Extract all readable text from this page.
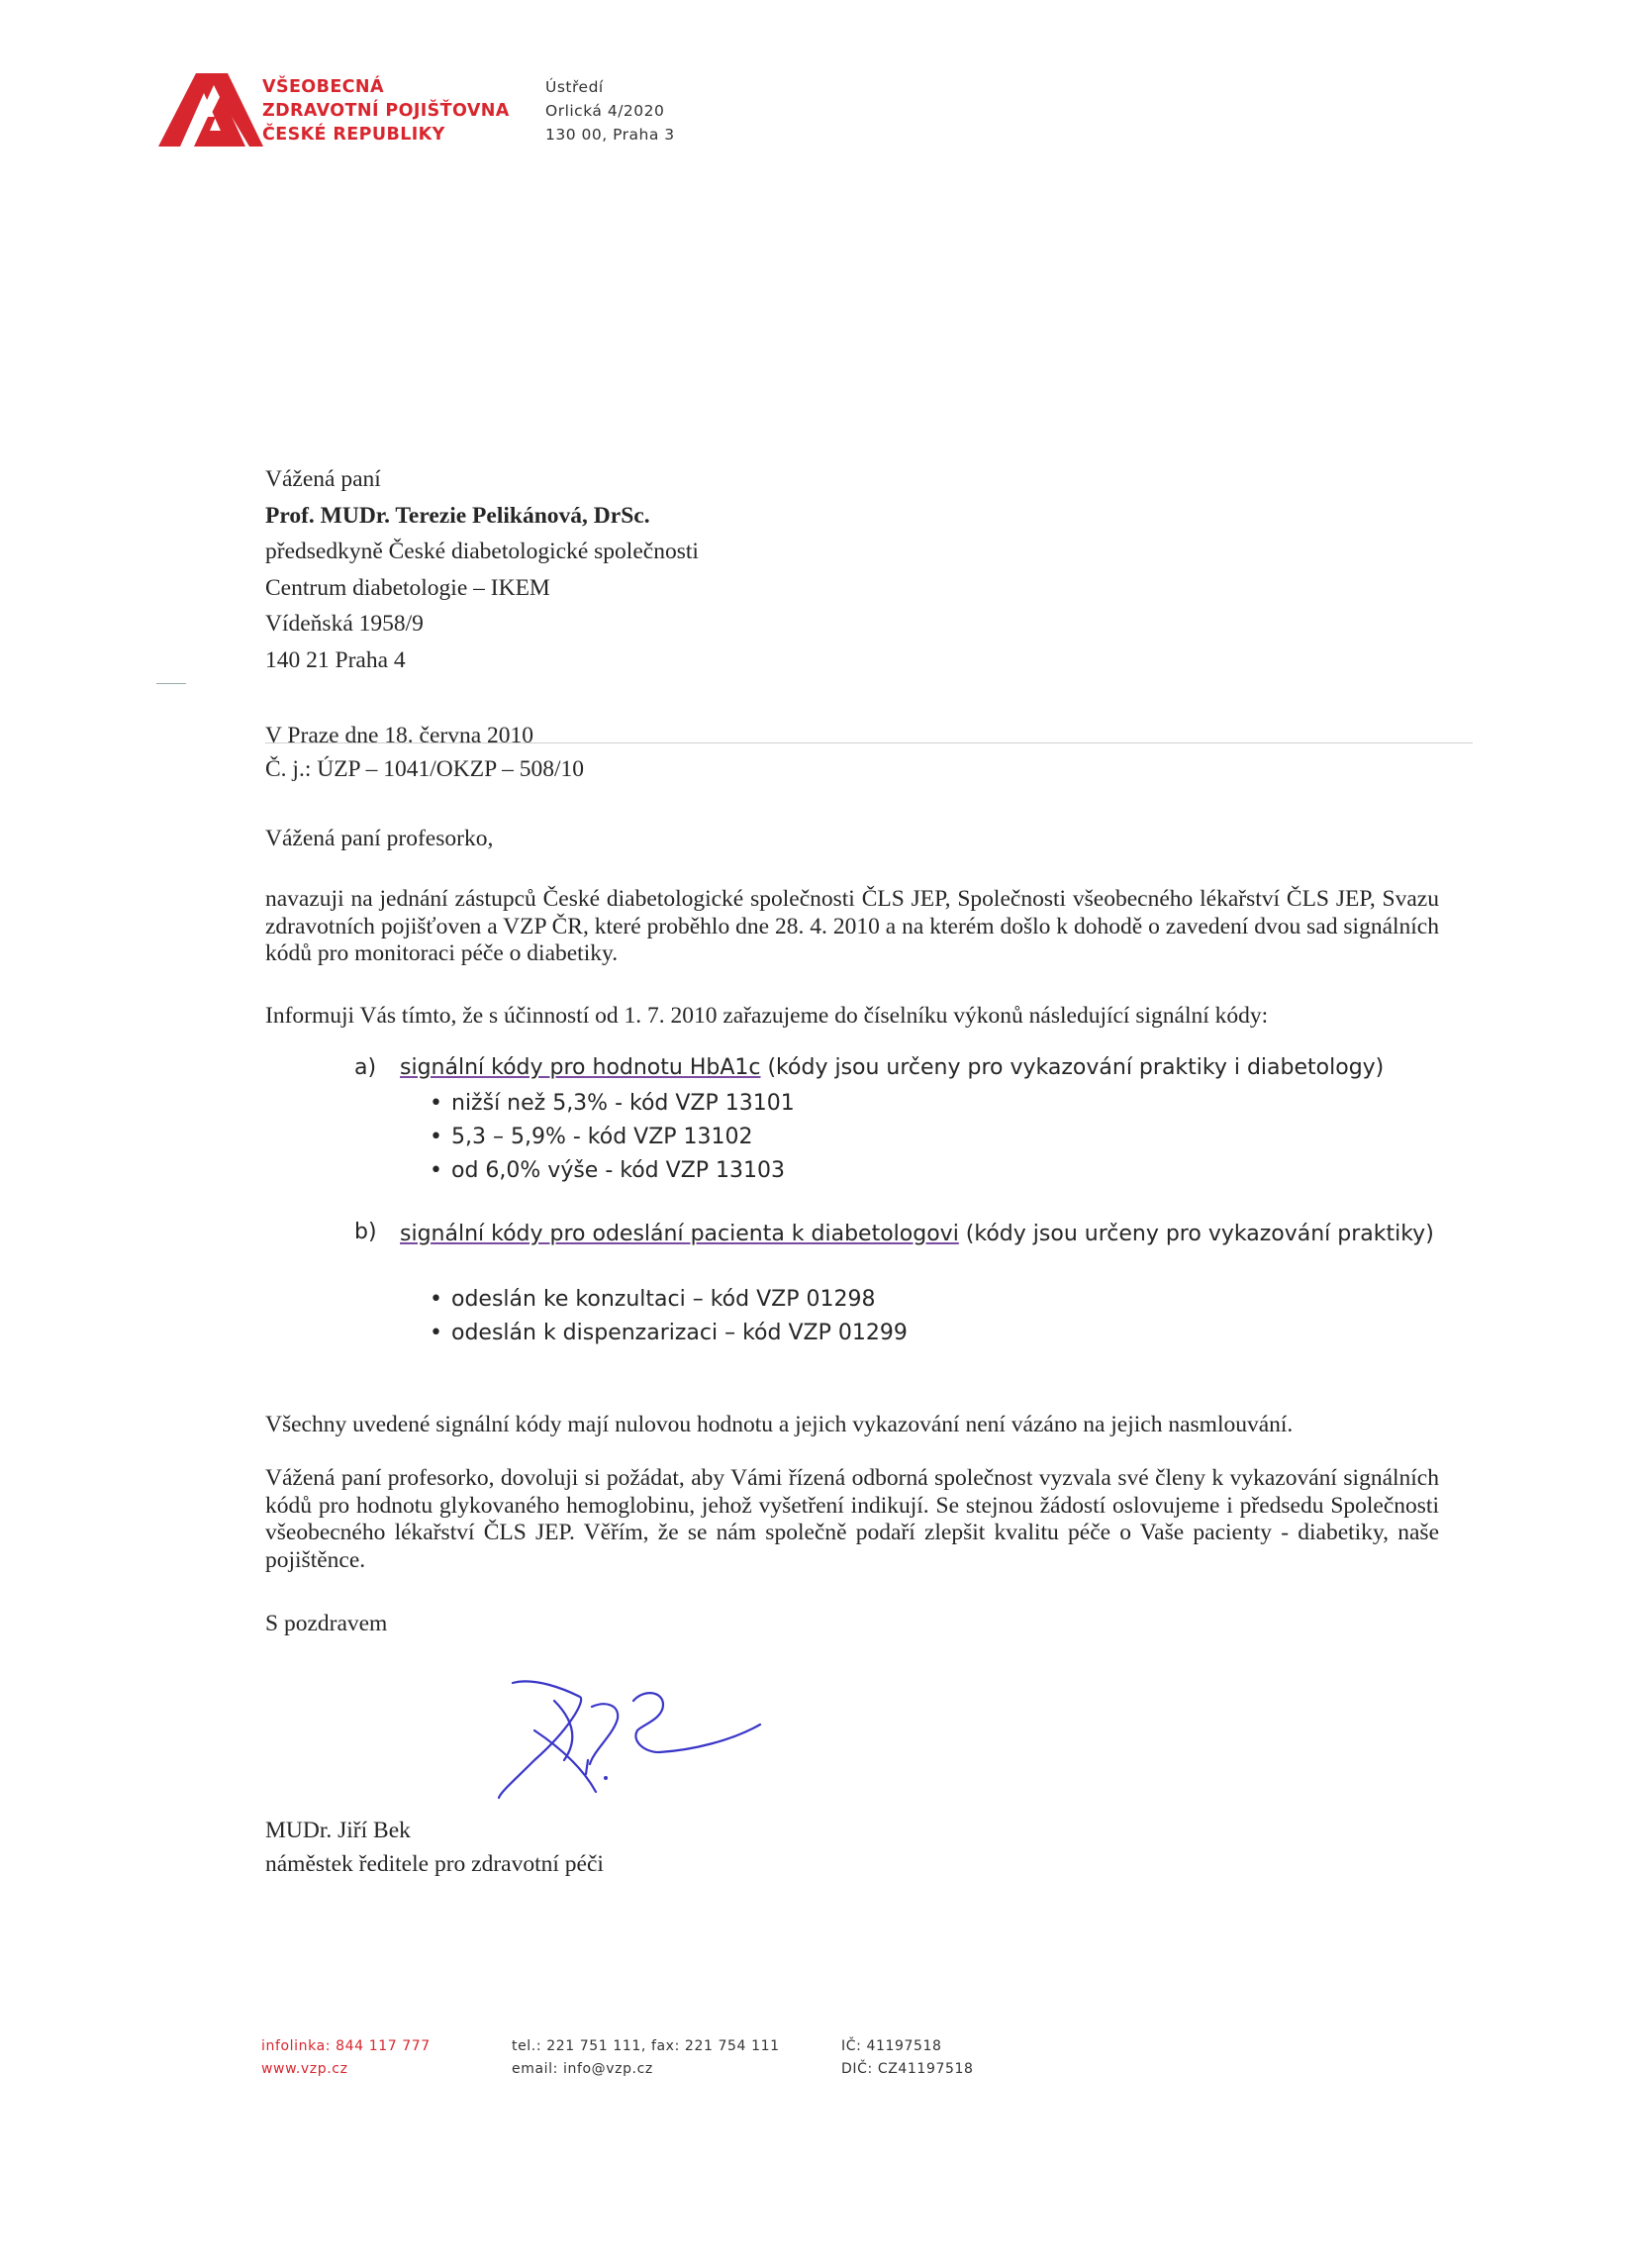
VŠEOBECNÁ
ZDRAVOTNÍ POJIŠŤOVNA
ČESKÉ REPUBLIKY
Ústředí
Orlická 4/2020
130 00, Praha 3
Vážená paní
Prof. MUDr. Terezie Pelikánová, DrSc.
předsedkyně České diabetologické společnosti
Centrum diabetologie – IKEM
Vídeňská 1958/9
140 21 Praha 4
V Praze dne 18. června 2010
Č. j.: ÚZP – 1041/OKZP – 508/10
Vážená paní profesorko,
navazuji na jednání zástupců České diabetologické společnosti ČLS JEP, Společnosti všeobecného lékařství ČLS JEP, Svazu zdravotních pojišťoven a VZP ČR, které proběhlo dne 28. 4. 2010 a na kterém došlo k dohodě o zavedení dvou sad signálních kódů pro monitoraci péče o diabetiky.
Informuji Vás tímto, že s účinností od 1. 7. 2010 zařazujeme do číselníku výkonů následující signální kódy:
a) signální kódy pro hodnotu HbA1c (kódy jsou určeny pro vykazování praktiky i diabetology)
• nižší než 5,3% - kód VZP 13101
• 5,3 – 5,9% - kód VZP 13102
• od 6,0% výše - kód VZP 13103
b) signální kódy pro odeslání pacienta k diabetologovi (kódy jsou určeny pro vykazování praktiky)
• odeslán ke konzultaci – kód VZP 01298
• odeslán k dispenzarizaci – kód VZP 01299
Všechny uvedené signální kódy mají nulovou hodnotu a jejich vykazování není vázáno na jejich nasmlouvání.
Vážená paní profesorko, dovoluji si požádat, aby Vámi řízená odborná společnost vyzvala své členy k vykazování signálních kódů pro hodnotu glykovaného hemoglobinu, jehož vyšetření indikují. Se stejnou žádostí oslovujeme i předsedu Společnosti všeobecného lékařství ČLS JEP. Věřím, že se nám společně podaří zlepšit kvalitu péče o Vaše pacienty - diabetiky, naše pojištěnce.
S pozdravem
MUDr. Jiří Bek
náměstek ředitele pro zdravotní péči
infolinka: 844 117 777
www.vzp.cz
tel.: 221 751 111, fax: 221 754 111
email: info@vzp.cz
IČ: 41197518
DIČ: CZ41197518
